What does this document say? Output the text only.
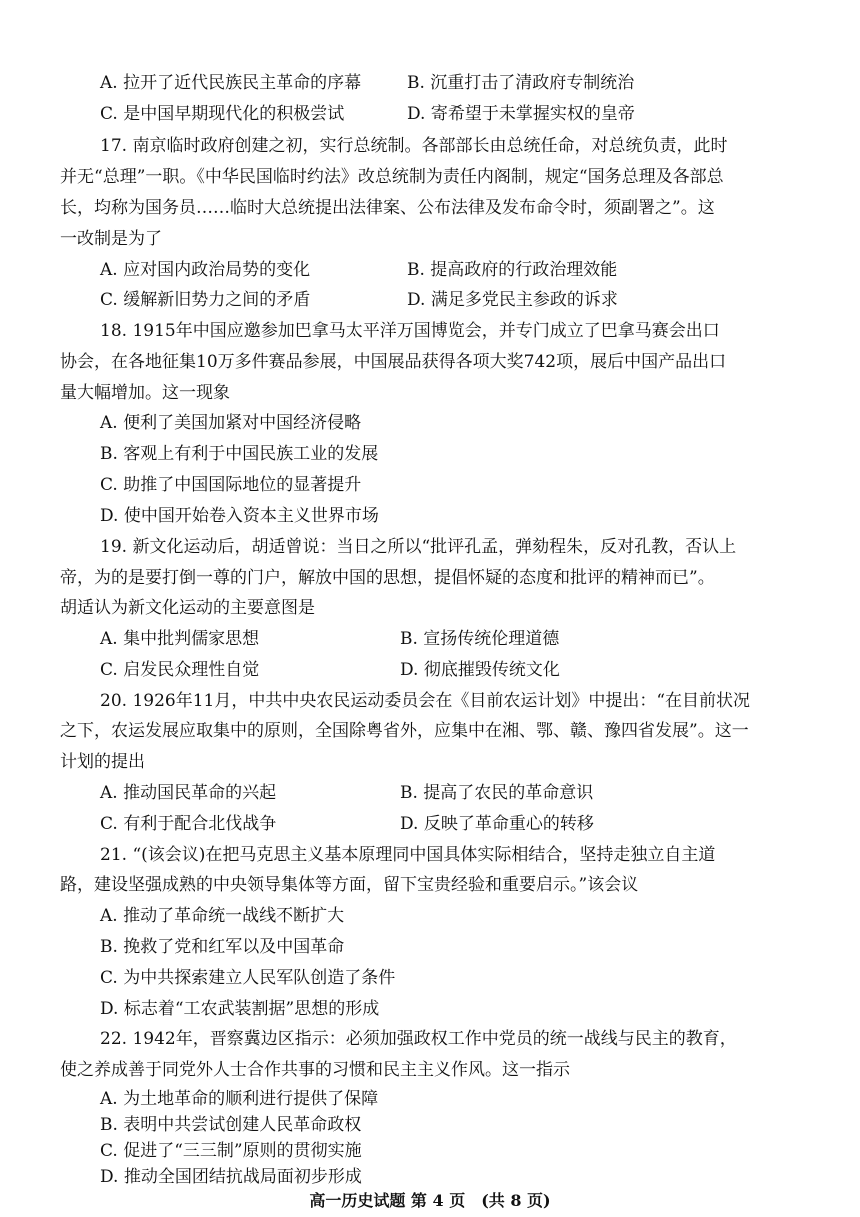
A. 拉开了近代民族民主革命的序幕	B. 沉重打击了清政府专制统治
C. 是中国早期现代化的积极尝试	D. 寄希望于未掌握实权的皇帝
17. 南京临时政府创建之初，实行总统制。各部部长由总统任命，对总统负责，此时
并无“总理”一职。《中华民国临时约法》改总统制为责任内阁制，规定“国务总理及各部总
长，均称为国务员……临时大总统提出法律案、公布法律及发布命令时，须副署之”。这
一改制是为了
A. 应对国内政治局势的变化	B. 提高政府的行政治理效能
C. 缓解新旧势力之间的矛盾	D. 满足多党民主参政的诉求
18. 1915年中国应邀参加巴拿马太平洋万国博览会，并专门成立了巴拿马赛会出口
协会，在各地征集10万多件赛品参展，中国展品获得各项大奖742项，展后中国产品出口
量大幅增加。这一现象
A. 便利了美国加紧对中国经济侵略
B. 客观上有利于中国民族工业的发展
C. 助推了中国国际地位的显著提升
D. 使中国开始卷入资本主义世界市场
19. 新文化运动后，胡适曾说：当日之所以“批评孔孟，弹劾程朱，反对孔教，否认上
帝，为的是要打倒一尊的门户，解放中国的思想，提倡怀疑的态度和批评的精神而已”。
胡适认为新文化运动的主要意图是
A. 集中批判儒家思想	B. 宣扬传统伦理道德
C. 启发民众理性自觉	D. 彻底摧毁传统文化
20. 1926年11月，中共中央农民运动委员会在《目前农运计划》中提出：“在目前状况
之下，农运发展应取集中的原则，全国除粤省外，应集中在湘、鄂、赣、豫四省发展”。这一
计划的提出
A. 推动国民革命的兴起	B. 提高了农民的革命意识
C. 有利于配合北伐战争	D. 反映了革命重心的转移
21. “(该会议)在把马克思主义基本原理同中国具体实际相结合，坚持走独立自主道
路，建设坚强成熟的中央领导集体等方面，留下宝贵经验和重要启示。”该会议
A. 推动了革命统一战线不断扩大
B. 挽救了党和红军以及中国革命
C. 为中共探索建立人民军队创造了条件
D. 标志着“工农武装割据”思想的形成
22. 1942年，晋察冀边区指示：必须加强政权工作中党员的统一战线与民主的教育，
使之养成善于同党外人士合作共事的习惯和民主主义作风。这一指示
A. 为土地革命的顺利进行提供了保障
B. 表明中共尝试创建人民革命政权
高一历史试题 第 4 页　(共 8 页)
C. 促进了“三三制”原则的贯彻实施
D. 推动全国团结抗战局面初步形成
